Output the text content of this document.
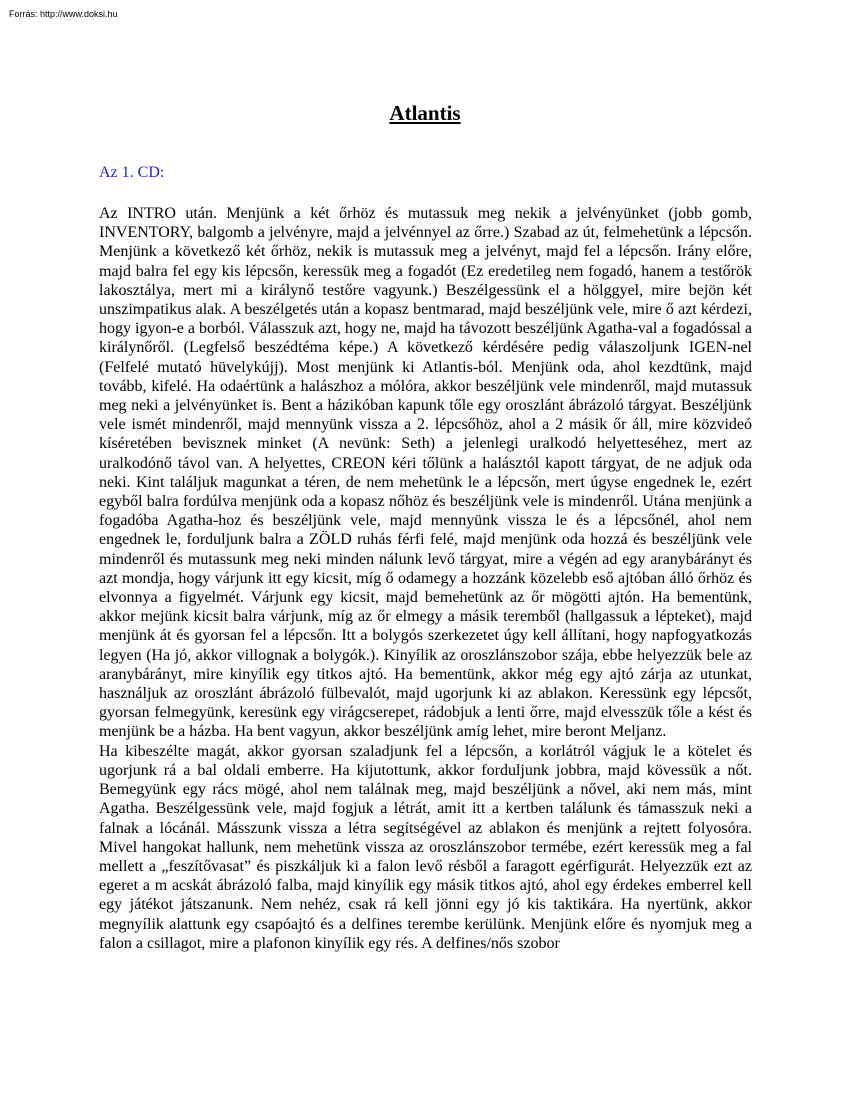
Forrás: http://www.doksi.hu
Atlantis
Az 1. CD:

Az INTRO után. Menjünk a két őrhöz és mutassuk meg nekik a jelvényünket (jobb gomb, INVENTORY, balgomb a jelvényre, majd a jelvénnyel az őrre.) Szabad az út, felmehetünk a lépcsőn. Menjünk a következő két őrhöz, nekik is mutassuk meg a jelvényt, majd fel a lépcsőn. Irány előre, majd balra fel egy kis lépcsőn, keressük meg a fogadót (Ez eredetileg nem fogadó, hanem a testőrök lakosztálya, mert mi a királynő testőre vagyunk.) Beszélgessünk el a hölggyel, mire bejön két unszimpatikus alak. A beszélgetés után a kopasz bentmarad, majd beszéljünk vele, mire ő azt kérdezi, hogy igyon-e a borból. Válasszuk azt, hogy ne, majd ha távozott beszéljünk Agatha-val a fogadóssal a királynőről. (Legfelső beszédtéma képe.) A következő kérdésére pedig válaszoljunk IGEN-nel (Felfelé mutató hüvelykújj). Most menjünk ki Atlantis-ból. Menjünk oda, ahol kezdtünk, majd tovább, kifelé. Ha odaértünk a halászhoz a mólóra, akkor beszéljünk vele mindenről, majd mutassuk meg neki a jelvényünket is. Bent a házikóban kapunk tőle egy oroszlánt ábrázoló tárgyat. Beszéljünk vele ismét mindenről, majd mennyünk vissza a 2. lépcsőhöz, ahol a 2 másik őr áll, mire közvideó kíséretében bevisznek minket (A nevünk: Seth) a jelenlegi uralkodó helyetteséhez, mert az uralkodónő távol van. A helyettes, CREON kéri tőlünk a halásztól kapott tárgyat, de ne adjuk oda neki. Kint találjuk magunkat a téren, de nem mehetünk le a lépcsőn, mert úgyse engednek le, ezért egyből balra fordúlva menjünk oda a kopasz nőhöz és beszéljünk vele is mindenről. Utána menjünk a fogadóba Agatha-hoz és beszéljünk vele, majd mennyünk vissza le és a lépcsőnél, ahol nem engednek le, forduljunk balra a ZÖLD ruhás férfi felé, majd menjünk oda hozzá és beszéljünk vele mindenről és mutassunk meg neki minden nálunk levő tárgyat, mire a végén ad egy aranybárányt és azt mondja, hogy várjunk itt egy kicsit, míg ő odamegy a hozzánk közelebb eső ajtóban álló őrhöz és elvonnya a figyelmét. Várjunk egy kicsit, majd bemehetünk az őr mögötti ajtón. Ha bementünk, akkor mejünk kicsit balra várjunk, míg az őr elmegy a másik teremből (hallgassuk a lépteket), majd menjünk át és gyorsan fel a lépcsőn. Itt a bolygós szerkezetet úgy kell állítani, hogy napfogyatkozás legyen (Ha jó, akkor villognak a bolygók.). Kinyílik az oroszlánszobor szája, ebbe helyezzük bele az aranybárányt, mire kinyílik egy titkos ajtó. Ha bementünk, akkor még egy ajtó zárja az utunkat, használjuk az oroszlánt ábrázoló fülbevalót, majd ugorjunk ki az ablakon. Keressünk egy lépcsőt, gyorsan felmegyünk, keresünk egy virágcserepet, rádobjuk a lenti őrre, majd elvesszük tőle a kést és menjünk be a házba. Ha bent vagyun, akkor beszéljünk amíg lehet, mire beront Meljanz.

Ha kibeszélte magát, akkor gyorsan szaladjunk fel a lépcsőn, a korlátról vágjuk le a kötelet és ugorjunk rá a bal oldali emberre. Ha kijutottunk, akkor forduljunk jobbra, majd kövessük a nőt. Bemegyünk egy rács mögé, ahol nem találnak meg, majd beszéljünk a nővel, aki nem más, mint Agatha. Beszélgessünk vele, majd fogjuk a létrát, amit itt a kertben találunk és támasszuk neki a falnak a lócánál. Másszunk vissza a létra segítségével az ablakon és menjünk a rejtett folyosóra. Mivel hangokat hallunk, nem mehetünk vissza az oroszlánszobor termébe, ezért keressük meg a fal mellett a „feszítővasat” és piszkáljuk ki a falon levő résből a faragott egérfigurát. Helyezzük ezt az egeret a m acskát ábrázoló falba, majd kinyílik egy másik titkos ajtó, ahol egy érdekes emberrel kell egy játékot játszanunk. Nem nehéz, csak rá kell jönni egy jó kis taktikára. Ha nyertünk, akkor megnyílik alattunk egy csapóajtó és a delfines terembe kerülünk. Menjünk előre és nyomjuk meg a falon a csillagot, mire a plafonon kinyílik egy rés. A delfines/nős szobor
